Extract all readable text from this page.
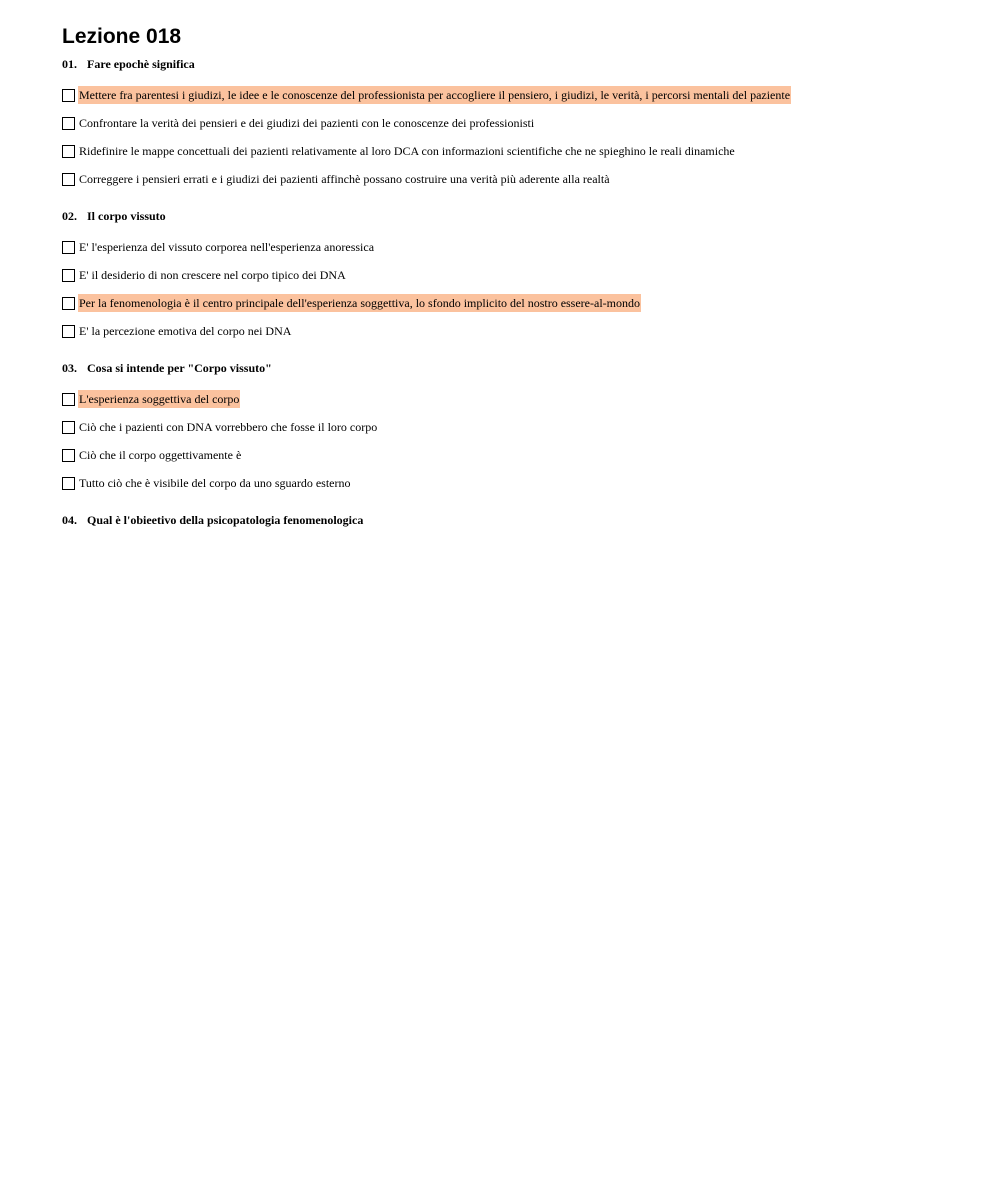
Lezione 018
01. Fare epochè significa
Mettere fra parentesi i giudizi, le idee e le conoscenze del professionista per accogliere il pensiero, i giudizi, le verità, i percorsi mentali del paziente
Confrontare la verità dei pensieri e dei giudizi dei pazienti con le conoscenze dei professionisti
Ridefinire le mappe concettuali dei pazienti relativamente al loro DCA con informazioni scientifiche che ne spieghino le reali dinamiche
Correggere i pensieri errati e i giudizi dei pazienti affinchè possano costruire una verità più aderente alla realtà
02. Il corpo vissuto
E' l'esperienza del vissuto corporea nell'esperienza anoressica
E' il desiderio di non crescere nel corpo tipico dei DNA
Per la fenomenologia è il centro principale dell'esperienza soggettiva, lo sfondo implicito del nostro essere-al-mondo
E' la percezione emotiva del corpo nei DNA
03. Cosa si intende per "Corpo vissuto"
L'esperienza soggettiva del corpo
Ciò che i pazienti con DNA vorrebbero che fosse il loro corpo
Ciò che il corpo oggettivamente è
Tutto ciò che è visibile del corpo da uno sguardo esterno
04. Qual è l'obieetivo della psicopatologia fenomenologica
